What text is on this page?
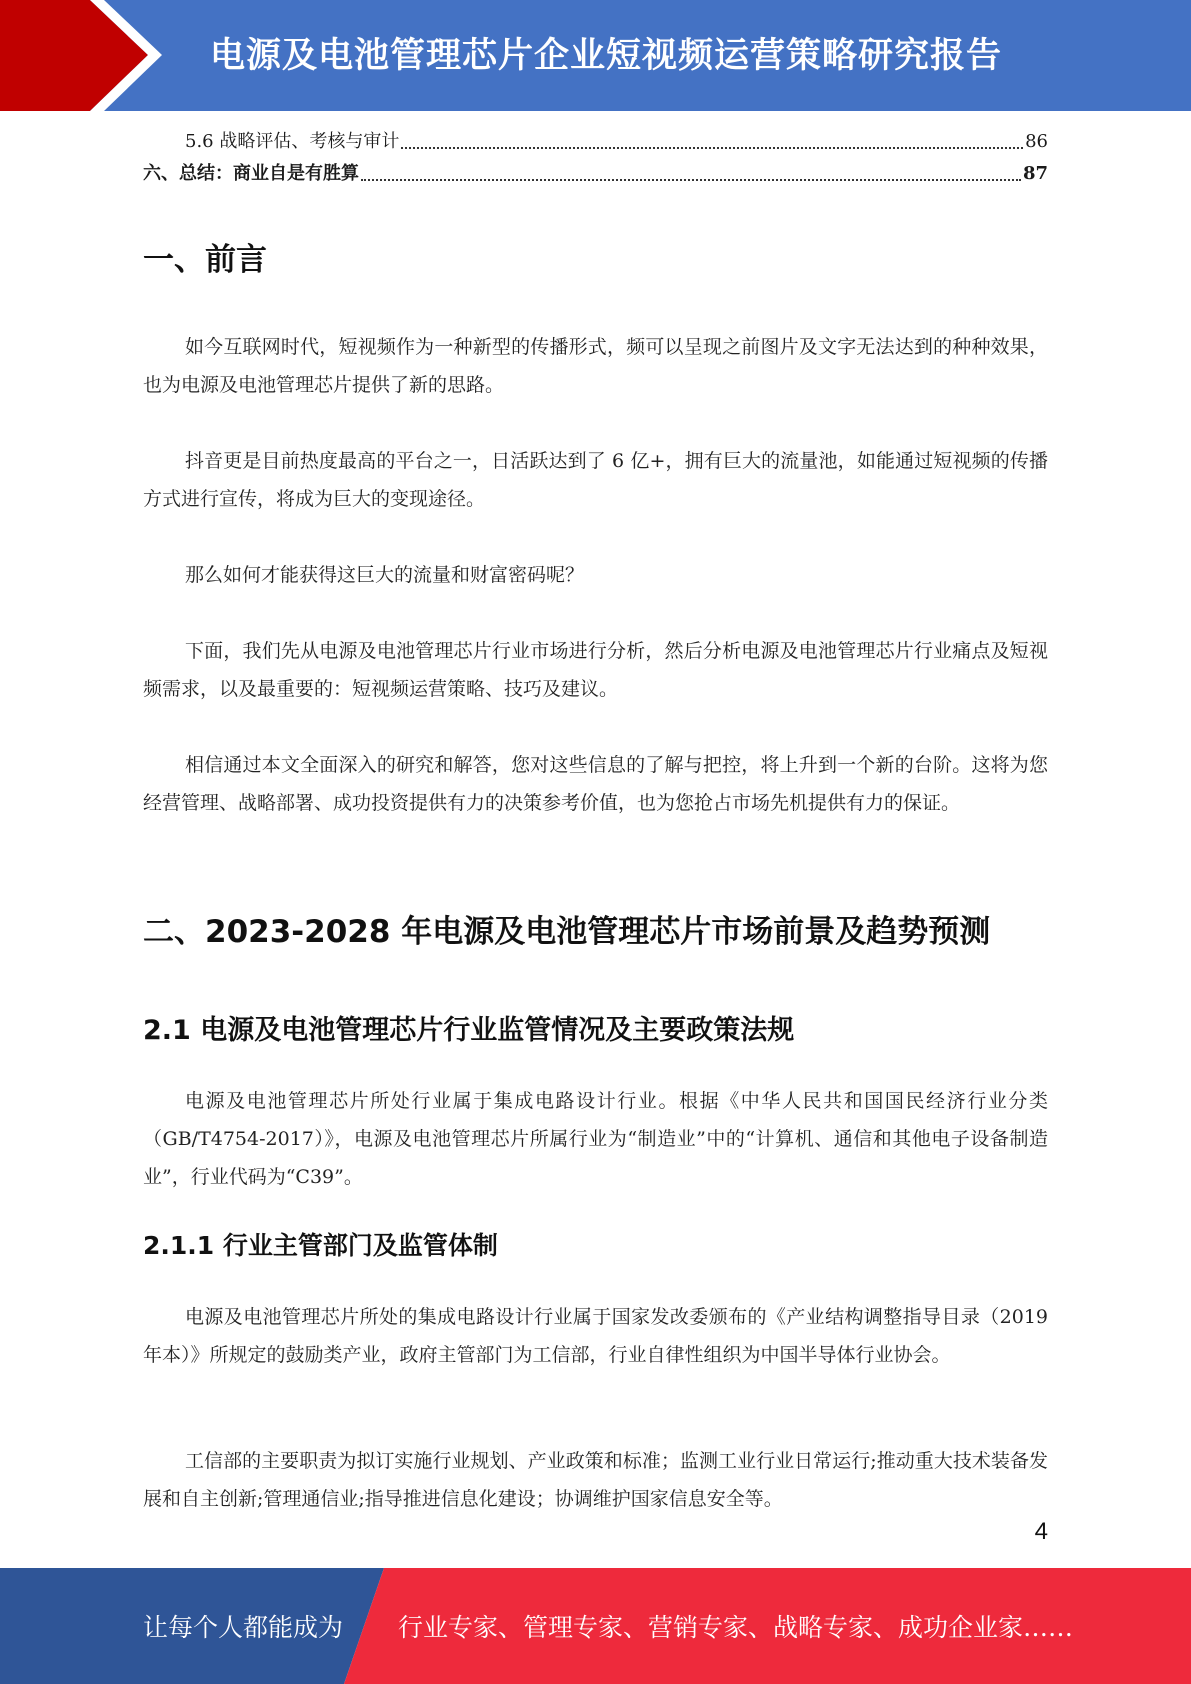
电源及电池管理芯片企业短视频运营策略研究报告
5.6 战略评估、考核与审计	86
六、总结：商业自是有胜算	87
一、前言

如今互联网时代，短视频作为一种新型的传播形式，频可以呈现之前图片及文字无法达到的种种效果，也为电源及电池管理芯片提供了新的思路。

抖音更是目前热度最高的平台之一，日活跃达到了 6 亿+，拥有巨大的流量池，如能通过短视频的传播方式进行宣传，将成为巨大的变现途径。

那么如何才能获得这巨大的流量和财富密码呢？

下面，我们先从电源及电池管理芯片行业市场进行分析，然后分析电源及电池管理芯片行业痛点及短视频需求，以及最重要的：短视频运营策略、技巧及建议。

相信通过本文全面深入的研究和解答，您对这些信息的了解与把控，将上升到一个新的台阶。这将为您经营管理、战略部署、成功投资提供有力的决策参考价值，也为您抢占市场先机提供有力的保证。

二、2023-2028 年电源及电池管理芯片市场前景及趋势预测
2.1 电源及电池管理芯片行业监管情况及主要政策法规

电源及电池管理芯片所处行业属于集成电路设计行业。根据《中华人民共和国国民经济行业分类（GB/T4754-2017）》，电源及电池管理芯片所属行业为“制造业”中的“计算机、通信和其他电子设备制造业”，行业代码为“C39”。

2.1.1 行业主管部门及监管体制

电源及电池管理芯片所处的集成电路设计行业属于国家发改委颁布的《产业结构调整指导目录（2019 年本）》所规定的鼓励类产业，政府主管部门为工信部，行业自律性组织为中国半导体行业协会。

工信部的主要职责为拟订实施行业规划、产业政策和标准；监测工业行业日常运行;推动重大技术装备发展和自主创新;管理通信业;指导推进信息化建设；协调维护国家信息安全等。

4
让每个人都能成为 行业专家、管理专家、营销专家、战略专家、成功企业家……
